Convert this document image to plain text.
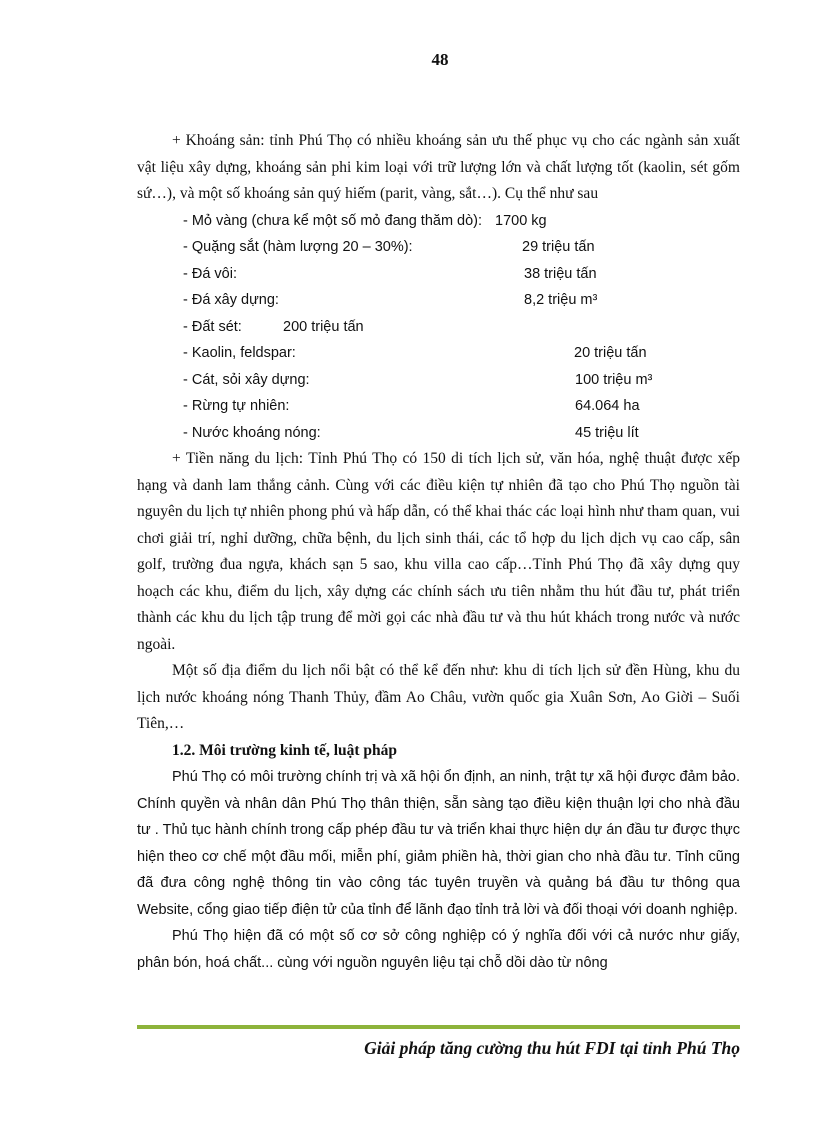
48

+ Khoáng sản: tỉnh Phú Thọ có nhiều khoáng sản ưu thế phục vụ cho các ngành sản xuất vật liệu xây dựng, khoáng sản phi kim loại với trữ lượng lớn và chất lượng tốt (kaolin, sét gốm sứ…), và một số khoáng sản quý hiếm (parit, vàng, sắt…). Cụ thể như sau

- Mỏ vàng (chưa kể một số mỏ đang thăm dò): 1700 kg
- Quặng sắt (hàm lượng 20 – 30%):	29 triệu tấn
- Đá vôi:	38 triệu tấn
- Đá xây dựng:	8,2 triệu m³
- Đất sét:	200 triệu tấn
- Kaolin, feldspar:	20 triệu tấn
- Cát, sỏi xây dựng:	100 triệu m³
- Rừng tự nhiên:	64.064 ha
- Nước khoáng nóng:	45 triệu lít

+ Tiền năng du lịch: Tỉnh Phú Thọ có 150 di tích lịch sử, văn hóa, nghệ thuật được xếp hạng và danh lam thắng cảnh. Cùng với các điều kiện tự nhiên đã tạo cho Phú Thọ nguồn tài nguyên du lịch tự nhiên phong phú và hấp dẫn, có thể khai thác các loại hình như tham quan, vui chơi giải trí, nghỉ dưỡng, chữa bệnh, du lịch sinh thái, các tổ hợp du lịch dịch vụ cao cấp, sân golf, trường đua ngựa, khách sạn 5 sao, khu villa cao cấp…Tỉnh Phú Thọ đã xây dựng quy hoạch các khu, điểm du lịch, xây dựng các chính sách ưu tiên nhằm thu hút đầu tư, phát triển thành các khu du lịch tập trung để mời gọi các nhà đầu tư và thu hút khách trong nước và nước ngoài.

Một số địa điểm du lịch nổi bật có thể kể đến như: khu di tích lịch sử đền Hùng, khu du lịch nước khoáng nóng Thanh Thủy, đầm Ao Châu, vườn quốc gia Xuân Sơn, Ao Giời – Suối Tiên,…

1.2. Môi trường kinh tế, luật pháp

Phú Thọ có môi trường chính trị và xã hội ổn định, an ninh, trật tự xã hội được đảm bảo. Chính quyền và nhân dân Phú Thọ thân thiện, sẵn sàng tạo điều kiện thuận lợi cho nhà đầu tư . Thủ tục hành chính trong cấp phép đầu tư và triển khai thực hiện dự án đầu tư được thực hiện theo cơ chế một đầu mối, miễn phí, giảm phiền hà, thời gian cho nhà đầu tư. Tỉnh cũng đã đưa công nghệ thông tin vào công tác tuyên truyền và quảng bá đầu tư thông qua Website, cổng giao tiếp điện tử của tỉnh để lãnh đạo tỉnh trả lời và đối thoại với doanh nghiệp.

Phú Thọ hiện đã có một số cơ sở công nghiệp có ý nghĩa đối với cả nước như giấy, phân bón, hoá chất... cùng với nguồn nguyên liệu tại chỗ dồi dào từ nông

Giải pháp tăng cường thu hút FDI tại tỉnh Phú Thọ
